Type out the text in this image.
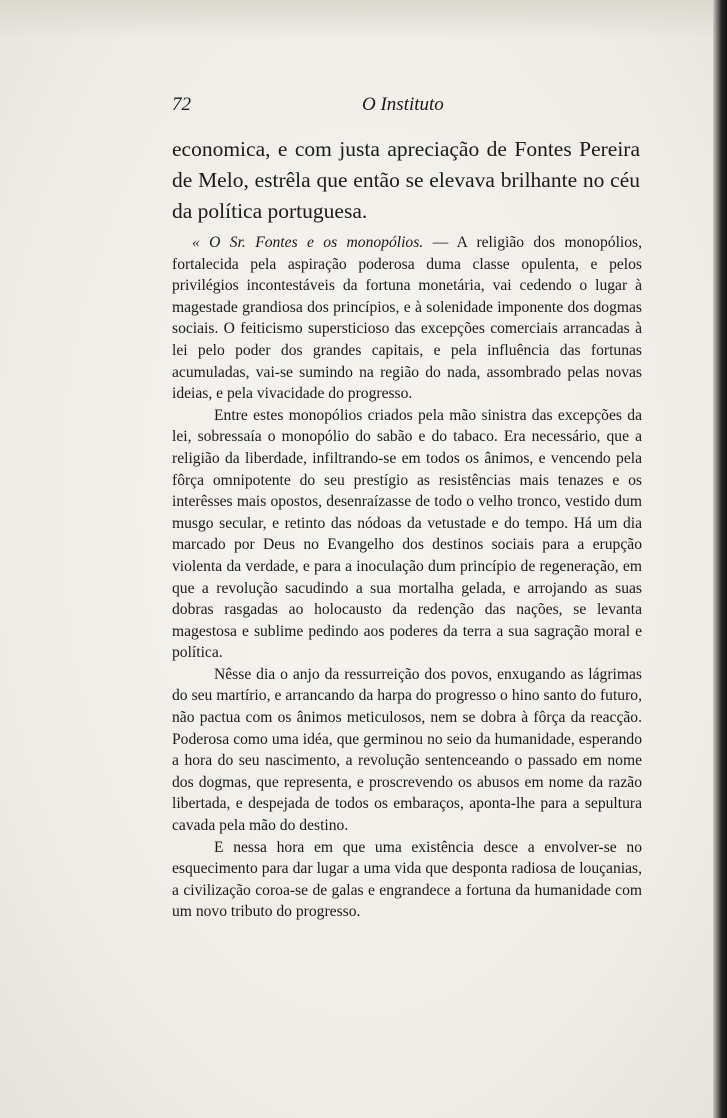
72	O Instituto

economica, e com justa apreciação de Fontes Pereira de Melo, estrêla que então se elevava brilhante no céu da política portuguesa.

« O Sr. Fontes e os monopólios. — A religião dos monopólios, fortalecida pela aspiração poderosa duma classe opulenta, e pelos privilégios incontestáveis da fortuna monetária, vai cedendo o lugar à magestade grandiosa dos princípios, e à solenidade imponente dos dogmas sociais. O feiticismo supersticioso das excepções comerciais arrancadas à lei pelo poder dos grandes capitais, e pela influência das fortunas acumuladas, vai-se sumindo na região do nada, assombrado pelas novas ideias, e pela vivacidade do progresso.

Entre estes monopólios criados pela mão sinistra das excepções da lei, sobressaía o monopólio do sabão e do tabaco. Era necessário, que a religião da liberdade, infiltrando-se em todos os ânimos, e vencendo pela fôrça omnipotente do seu prestígio as resistências mais tenazes e os interêsses mais opostos, desenraízasse de todo o velho tronco, vestido dum musgo secular, e retinto das nódoas da vetustade e do tempo. Há um dia marcado por Deus no Evangelho dos destinos sociais para a erupção violenta da verdade, e para a inoculação dum princípio de regeneração, em que a revolução sacudindo a sua mortalha gelada, e arrojando as suas dobras rasgadas ao holocausto da redenção das nações, se levanta magestosa e sublime pedindo aos poderes da terra a sua sagração moral e política.

Nêsse dia o anjo da ressurreição dos povos, enxugando as lágrimas do seu martírio, e arrancando da harpa do progresso o hino santo do futuro, não pactua com os ânimos meticulosos, nem se dobra à fôrça da reacção. Poderosa como uma idéa, que germinou no seio da humanidade, esperando a hora do seu nascimento, a revolução sentenceando o passado em nome dos dogmas, que representa, e proscrevendo os abusos em nome da razão libertada, e despejada de todos os embaraços, aponta-lhe para a sepultura cavada pela mão do destino.

E nessa hora em que uma existência desce a envolver-se no esquecimento para dar lugar a uma vida que desponta radiosa de louçanias, a civilização coroa-se de galas e engrandece a fortuna da humanidade com um novo tributo do progresso.
